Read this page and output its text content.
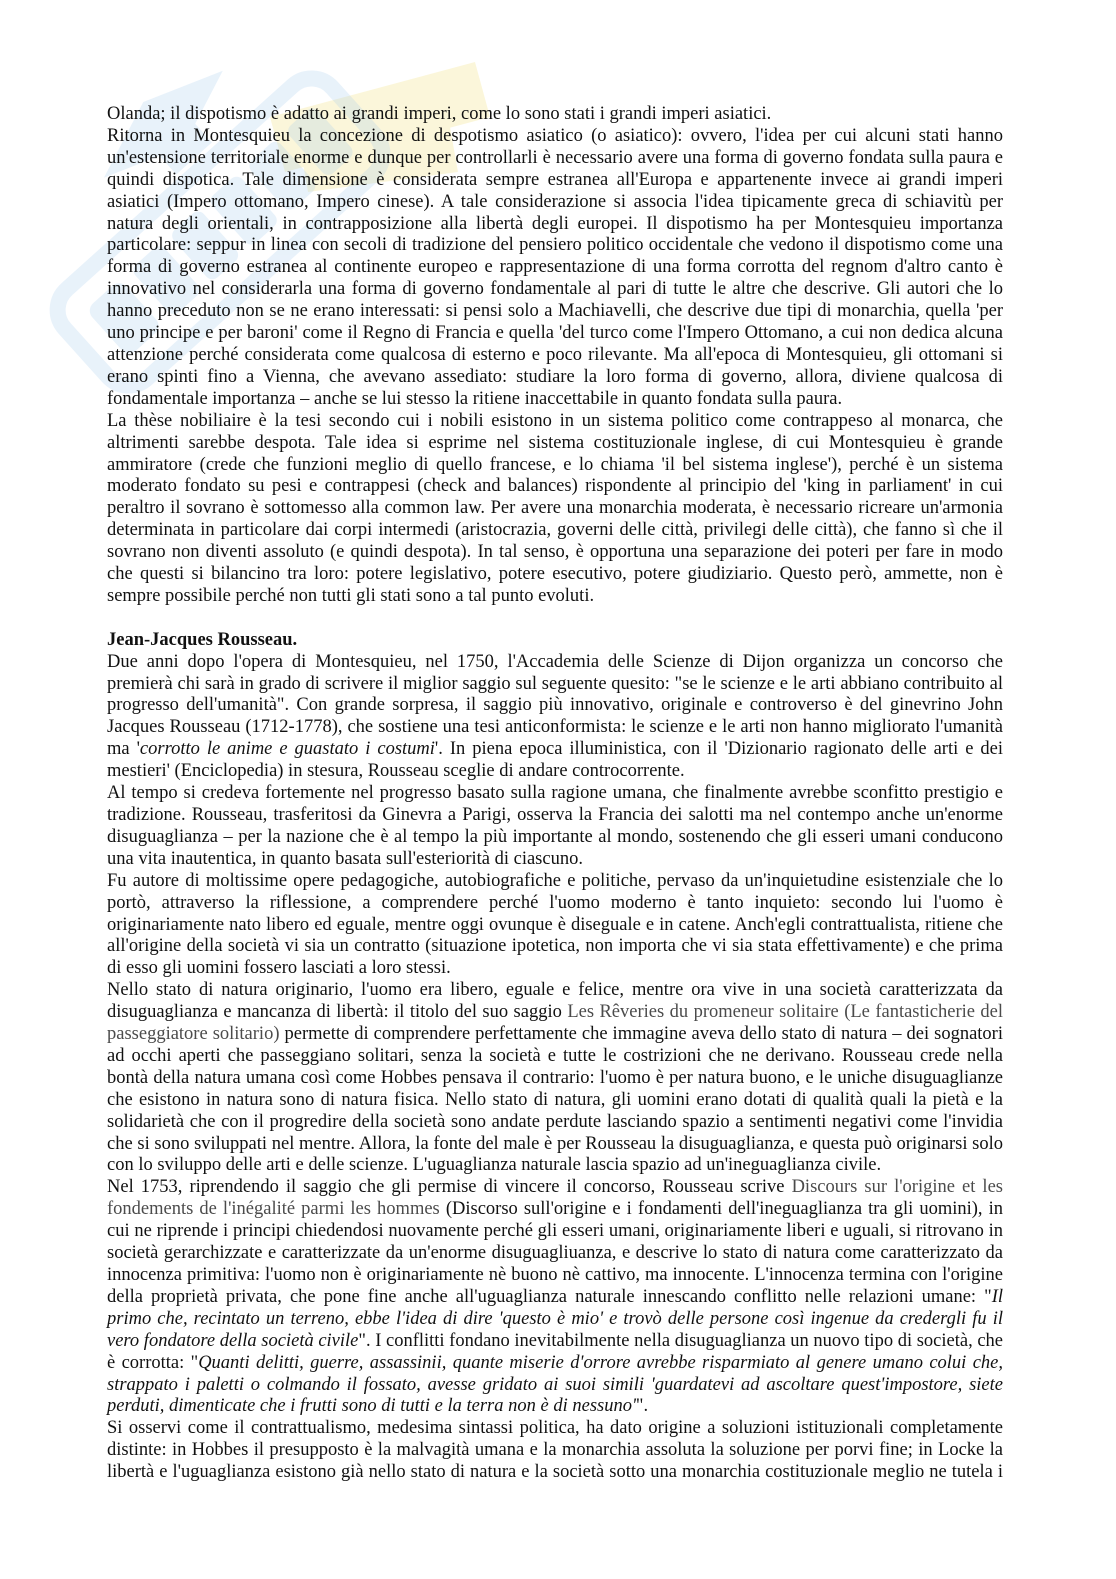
Olanda; il dispotismo è adatto ai grandi imperi, come lo sono stati i grandi imperi asiatici.

Ritorna in Montesquieu la concezione di despotismo asiatico (o asiatico): ovvero, l'idea per cui alcuni stati hanno un'estensione territoriale enorme e dunque per controllarli è necessario avere una forma di governo fondata sulla paura e quindi dispotica. Tale dimensione è considerata sempre estranea all'Europa e appartenente invece ai grandi imperi asiatici (Impero ottomano, Impero cinese). A tale considerazione si associa l'idea tipicamente greca di schiavitù per natura degli orientali, in contrapposizione alla libertà degli europei. Il dispotismo ha per Montesquieu importanza particolare: seppur in linea con secoli di tradizione del pensiero politico occidentale che vedono il dispotismo come una forma di governo estranea al continente europeo e rappresentazione di una forma corrotta del regnom d'altro canto è innovativo nel considerarla una forma di governo fondamentale al pari di tutte le altre che descrive. Gli autori che lo hanno preceduto non se ne erano interessati: si pensi solo a Machiavelli, che descrive due tipi di monarchia, quella 'per uno principe e per baroni' come il Regno di Francia e quella 'del turco come l'Impero Ottomano, a cui non dedica alcuna attenzione perché considerata come qualcosa di esterno e poco rilevante. Ma all'epoca di Montesquieu, gli ottomani si erano spinti fino a Vienna, che avevano assediato: studiare la loro forma di governo, allora, diviene qualcosa di fondamentale importanza – anche se lui stesso la ritiene inaccettabile in quanto fondata sulla paura.

La thèse nobiliaire è la tesi secondo cui i nobili esistono in un sistema politico come contrappeso al monarca, che altrimenti sarebbe despota. Tale idea si esprime nel sistema costituzionale inglese, di cui Montesquieu è grande ammiratore (crede che funzioni meglio di quello francese, e lo chiama 'il bel sistema inglese'), perché è un sistema moderato fondato su pesi e contrappesi (check and balances) rispondente al principio del 'king in parliament' in cui peraltro il sovrano è sottomesso alla common law. Per avere una monarchia moderata, è necessario ricreare un'armonia determinata in particolare dai corpi intermedi (aristocrazia, governi delle città, privilegi delle città), che fanno sì che il sovrano non diventi assoluto (e quindi despota). In tal senso, è opportuna una separazione dei poteri per fare in modo che questi si bilancino tra loro: potere legislativo, potere esecutivo, potere giudiziario. Questo però, ammette, non è sempre possibile perché non tutti gli stati sono a tal punto evoluti.

Jean-Jacques Rousseau.

Due anni dopo l'opera di Montesquieu, nel 1750, l'Accademia delle Scienze di Dijon organizza un concorso che premierà chi sarà in grado di scrivere il miglior saggio sul seguente quesito: "se le scienze e le arti abbiano contribuito al progresso dell'umanità". Con grande sorpresa, il saggio più innovativo, originale e controverso è del ginevrino John Jacques Rousseau (1712-1778), che sostiene una tesi anticonformista: le scienze e le arti non hanno migliorato l'umanità ma 'corrotto le anime e guastato i costumi'. In piena epoca illuministica, con il 'Dizionario ragionato delle arti e dei mestieri' (Enciclopedia) in stesura, Rousseau sceglie di andare controcorrente.

Al tempo si credeva fortemente nel progresso basato sulla ragione umana, che finalmente avrebbe sconfitto prestigio e tradizione. Rousseau, trasferitosi da Ginevra a Parigi, osserva la Francia dei salotti ma nel contempo anche un'enorme disuguaglianza – per la nazione che è al tempo la più importante al mondo, sostenendo che gli esseri umani conducono una vita inautentica, in quanto basata sull'esteriorità di ciascuno.

Fu autore di moltissime opere pedagogiche, autobiografiche e politiche, pervaso da un'inquietudine esistenziale che lo portò, attraverso la riflessione, a comprendere perché l'uomo moderno è tanto inquieto: secondo lui l'uomo è originariamente nato libero ed eguale, mentre oggi ovunque è diseguale e in catene. Anch'egli contrattualista, ritiene che all'origine della società vi sia un contratto (situazione ipotetica, non importa che vi sia stata effettivamente) e che prima di esso gli uomini fossero lasciati a loro stessi.

Nello stato di natura originario, l'uomo era libero, eguale e felice, mentre ora vive in una società caratterizzata da disuguaglianza e mancanza di libertà: il titolo del suo saggio Les Rêveries du promeneur solitaire (Le fantasticherie del passeggiatore solitario) permette di comprendere perfettamente che immagine aveva dello stato di natura – dei sognatori ad occhi aperti che passeggiano solitari, senza la società e tutte le costrizioni che ne derivano. Rousseau crede nella bontà della natura umana così come Hobbes pensava il contrario: l'uomo è per natura buono, e le uniche disuguaglianze che esistono in natura sono di natura fisica. Nello stato di natura, gli uomini erano dotati di qualità quali la pietà e la solidarietà che con il progredire della società sono andate perdute lasciando spazio a sentimenti negativi come l'invidia che si sono sviluppati nel mentre. Allora, la fonte del male è per Rousseau la disuguaglianza, e questa può originarsi solo con lo sviluppo delle arti e delle scienze. L'uguaglianza naturale lascia spazio ad un'ineguaglianza civile.

Nel 1753, riprendendo il saggio che gli permise di vincere il concorso, Rousseau scrive Discours sur l'origine et les fondements de l'inégalité parmi les hommes (Discorso sull'origine e i fondamenti dell'ineguaglianza tra gli uomini), in cui ne riprende i principi chiedendosi nuovamente perché gli esseri umani, originariamente liberi e uguali, si ritrovano in società gerarchizzate e caratterizzate da un'enorme disuguagliuanza, e descrive lo stato di natura come caratterizzato da innocenza primitiva: l'uomo non è originariamente nè buono nè cattivo, ma innocente. L'innocenza termina con l'origine della proprietà privata, che pone fine anche all'uguaglianza naturale innescando conflitto nelle relazioni umane: "Il primo che, recintato un terreno, ebbe l'idea di dire 'questo è mio' e trovò delle persone così ingenue da credergli fu il vero fondatore della società civile". I conflitti fondano inevitabilmente nella disuguaglianza un nuovo tipo di società, che è corrotta: "Quanti delitti, guerre, assassinii, quante miserie d'orrore avrebbe risparmiato al genere umano colui che, strappato i paletti o colmando il fossato, avesse gridato ai suoi simili 'guardatevi ad ascoltare quest'impostore, siete perduti, dimenticate che i frutti sono di tutti e la terra non è di nessuno'".

Si osservi come il contrattualismo, medesima sintassi politica, ha dato origine a soluzioni istituzionali completamente distinte: in Hobbes il presupposto è la malvagità umana e la monarchia assoluta la soluzione per porvi fine; in Locke la libertà e l'uguaglianza esistono già nello stato di natura e la società sotto una monarchia costituzionale meglio ne tutela i
